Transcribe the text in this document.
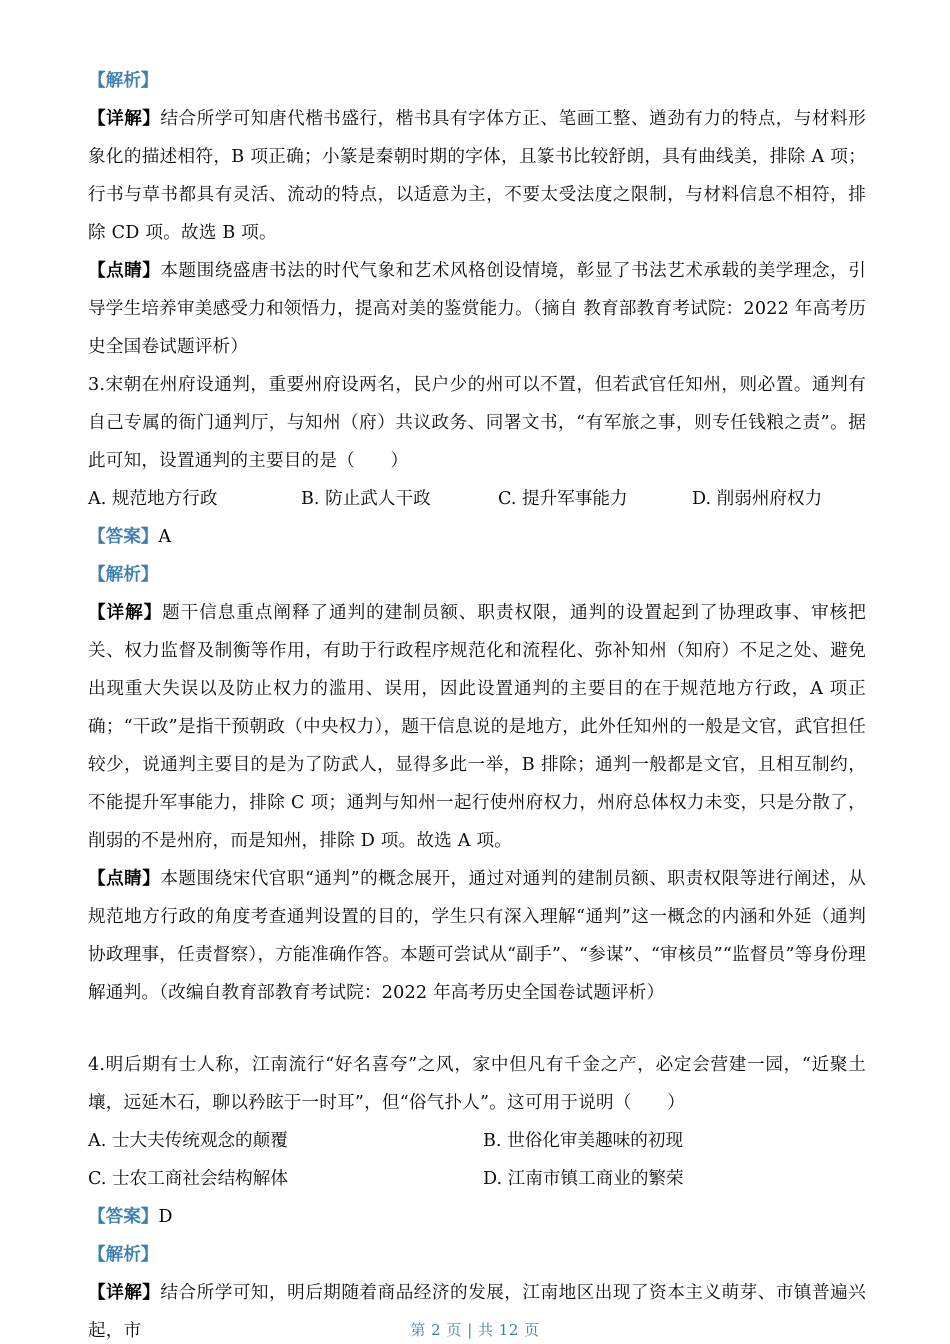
【解析】
【详解】结合所学可知唐代楷书盛行，楷书具有字体方正、笔画工整、遒劲有力的特点，与材料形象化的描述相符，B 项正确；小篆是秦朝时期的字体，且篆书比较舒朗，具有曲线美，排除 A 项；行书与草书都具有灵活、流动的特点，以适意为主，不要太受法度之限制，与材料信息不相符，排除 CD 项。故选 B 项。
【点睛】本题围绕盛唐书法的时代气象和艺术风格创设情境，彰显了书法艺术承载的美学理念，引导学生培养审美感受力和领悟力，提高对美的鉴赏能力。（摘自 教育部教育考试院：2022 年高考历史全国卷试题评析）
3.宋朝在州府设通判，重要州府设两名，民户少的州可以不置，但若武官任知州，则必置。通判有自己专属的衙门通判厅，与知州（府）共议政务、同署文书，“有军旅之事，则专任钱粮之责”。据此可知，设置通判的主要目的是（　　）
A. 规范地方行政	B. 防止武人干政	C. 提升军事能力	D. 削弱州府权力
【答案】A
【解析】
【详解】题干信息重点阐释了通判的建制员额、职责权限，通判的设置起到了协理政事、审核把关、权力监督及制衡等作用，有助于行政程序规范化和流程化、弥补知州（知府）不足之处、避免出现重大失误以及防止权力的滥用、误用，因此设置通判的主要目的在于规范地方行政，A 项正确；“干政”是指干预朝政（中央权力），题干信息说的是地方，此外任知州的一般是文官，武官担任较少，说通判主要目的是为了防武人，显得多此一举，B 排除；通判一般都是文官，且相互制约，不能提升军事能力，排除 C 项；通判与知州一起行使州府权力，州府总体权力未变，只是分散了，削弱的不是州府，而是知州，排除 D 项。故选 A 项。
【点睛】本题围绕宋代官职“通判”的概念展开，通过对通判的建制员额、职责权限等进行阐述，从规范地方行政的角度考查通判设置的目的，学生只有深入理解“通判”这一概念的内涵和外延（通判协政理事，任责督察），方能准确作答。本题可尝试从“副手”、“参谋”、“审核员”“监督员”等身份理解通判。（改编自教育部教育考试院：2022 年高考历史全国卷试题评析）
4.明后期有士人称，江南流行“好名喜夸”之风，家中但凡有千金之产，必定会营建一园，“近聚土壤，远延木石，聊以矜眩于一时耳”，但“俗气扑人”。这可用于说明（　　）
A. 士大夫传统观念的颠覆	B. 世俗化审美趣味的初现
C. 士农工商社会结构解体	D. 江南市镇工商业的繁荣
【答案】D
【解析】
【详解】结合所学可知，明后期随着商品经济的发展，江南地区出现了资本主义萌芽、市镇普遍兴起，市	第 2 页 | 共 12 页
